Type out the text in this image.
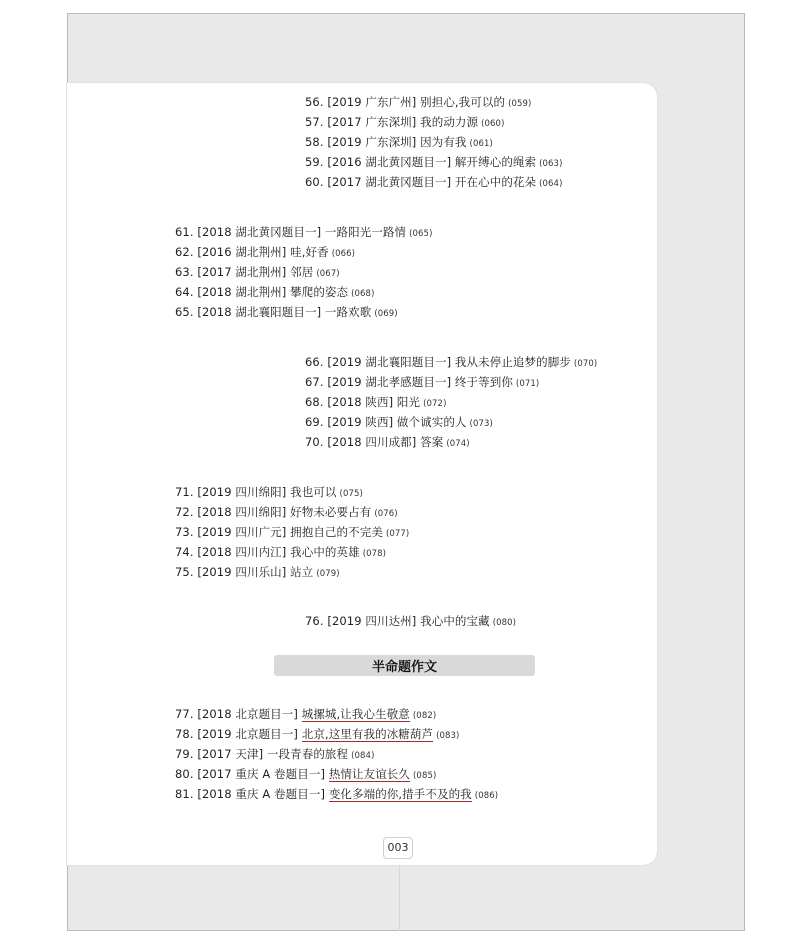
56. [2019 广东广州] 别担心,我可以的 (059)
57. [2017 广东深圳] 我的动力源 (060)
58. [2019 广东深圳] 因为有我 (061)
59. [2016 湖北黄冈题目一] 解开缚心的绳索 (063)
60. [2017 湖北黄冈题目一] 开在心中的花朵 (064)
61. [2018 湖北黄冈题目一] 一路阳光一路情 (065)
62. [2016 湖北荆州] 哇,好香 (066)
63. [2017 湖北荆州] 邻居 (067)
64. [2018 湖北荆州] 攀爬的姿态 (068)
65. [2018 湖北襄阳题目一] 一路欢歌 (069)
66. [2019 湖北襄阳题目一] 我从未停止追梦的脚步 (070)
67. [2019 湖北孝感题目一] 终于等到你 (071)
68. [2018 陕西] 阳光 (072)
69. [2019 陕西] 做个诚实的人 (073)
70. [2018 四川成都] 答案 (074)
71. [2019 四川绵阳] 我也可以 (075)
72. [2018 四川绵阳] 好物未必要占有 (076)
73. [2019 四川广元] 拥抱自己的不完美 (077)
74. [2018 四川内江] 我心中的英雄 (078)
75. [2019 四川乐山] 站立 (079)
76. [2019 四川达州] 我心中的宝藏 (080)
77. [2018 北京题目一] 城摞城,让我心生敬意 (082)
78. [2019 北京题目一] 北京,这里有我的冰糖葫芦 (083)
79. [2017 天津] 一段青春的旅程 (084)
80. [2017 重庆 A 卷题目一] 热情让友谊长久 (085)
81. [2018 重庆 A 卷题目一] 变化多端的你,措手不及的我 (086)
半命题作文
003
